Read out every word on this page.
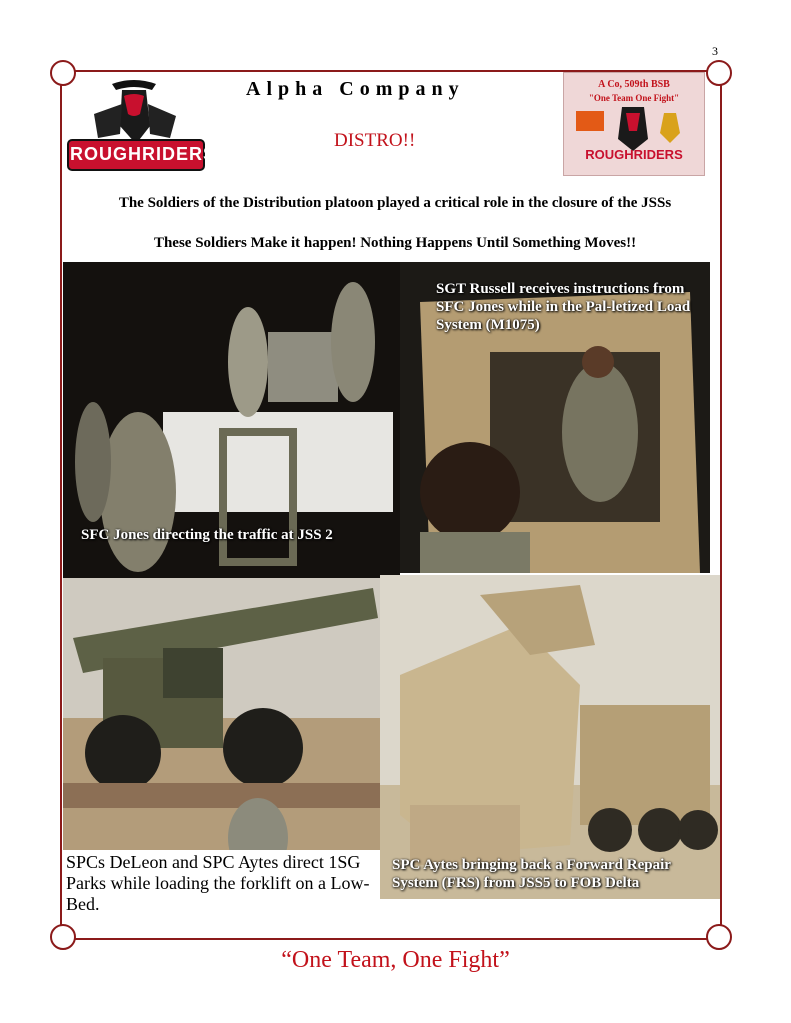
3
ROUGHRIDERS
A Co, 509th BSB
"One Team One Fight"
ROUGHRIDERS
Alpha Company
DISTRO!!
The Soldiers of the Distribution platoon played a critical role in the closure of the JSSs
These Soldiers Make it happen! Nothing Happens Until Something Moves!!
SFC Jones directing the traffic at JSS 2
SGT Russell receives instructions from SFC Jones while in the Pal-letized Load System (M1075)
SPCs DeLeon and SPC Aytes direct 1SG Parks while loading the forklift on a Low-Bed.
SPC Aytes bringing back a Forward Repair System (FRS) from JSS5 to FOB Delta
“One Team, One Fight”
